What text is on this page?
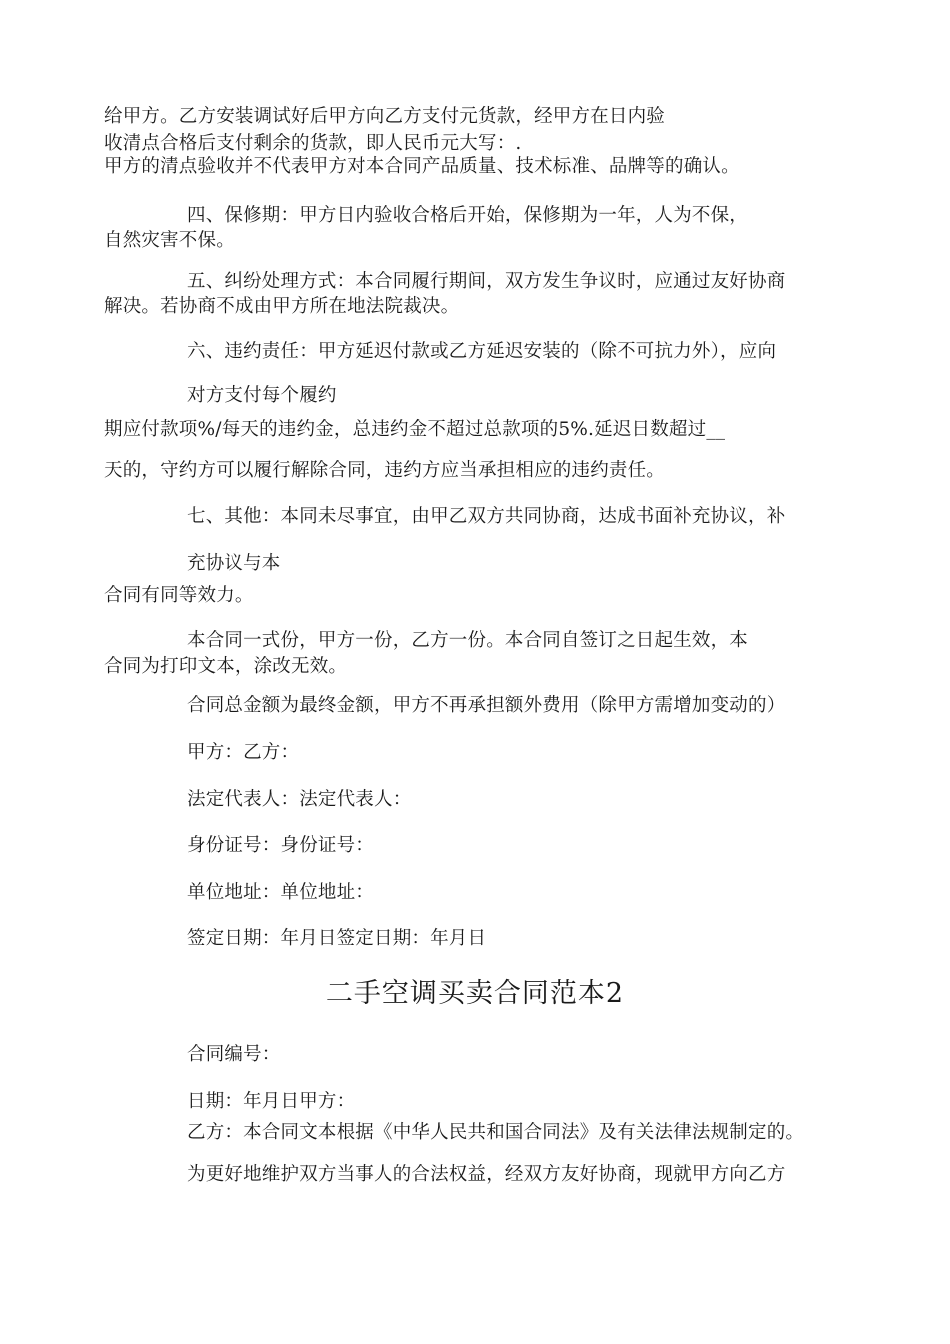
给甲方。乙方安装调试好后甲方向乙方支付元货款，经甲方在日内验
收清点合格后支付剩余的货款，即人民币元大写：.
甲方的清点验收并不代表甲方对本合同产品质量、技术标准、品牌等的确认。
四、保修期：甲方日内验收合格后开始，保修期为一年，人为不保，
自然灾害不保。
五、纠纷处理方式：本合同履行期间，双方发生争议时，应通过友好协商
解决。若协商不成由甲方所在地法院裁决。
六、违约责任：甲方延迟付款或乙方延迟安装的（除不可抗力外），应向
对方支付每个履约
期应付款项%/每天的违约金，总违约金不超过总款项的5%.延迟日数超过__
天的，守约方可以履行解除合同，违约方应当承担相应的违约责任。
七、其他：本同未尽事宜，由甲乙双方共同协商，达成书面补充协议，补
充协议与本
合同有同等效力。
本合同一式份，甲方一份，乙方一份。本合同自签订之日起生效，本
合同为打印文本，涂改无效。
合同总金额为最终金额，甲方不再承担额外费用（除甲方需增加变动的）
甲方：乙方：
法定代表人：法定代表人：
身份证号：身份证号：
单位地址：单位地址：
签定日期：年月日签定日期：年月日
二手空调买卖合同范本2
合同编号：
日期：年月日甲方：
乙方：本合同文本根据《中华人民共和国合同法》及有关法律法规制定的。
为更好地维护双方当事人的合法权益，经双方友好协商，现就甲方向乙方
